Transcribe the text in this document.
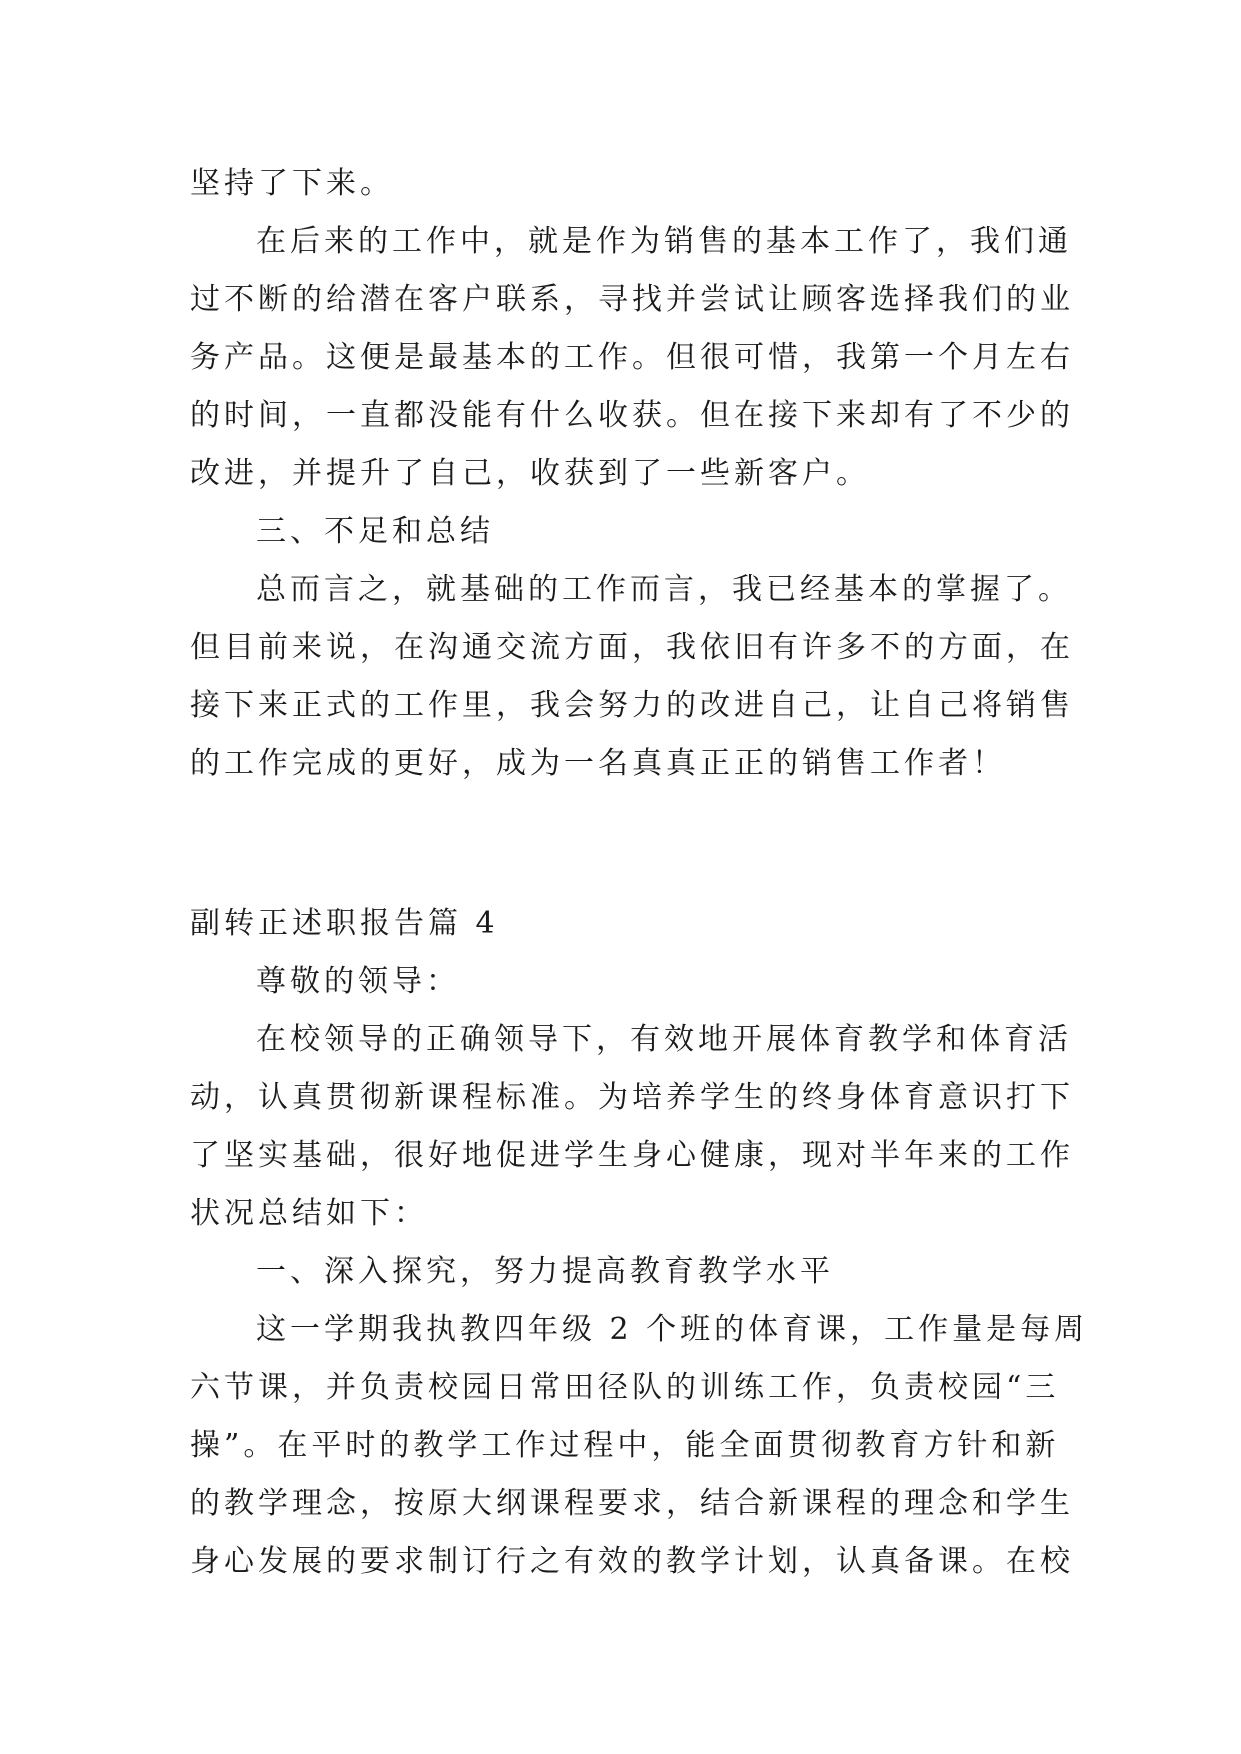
坚持了下来。
在后来的工作中，就是作为销售的基本工作了，我们通
过不断的给潜在客户联系，寻找并尝试让顾客选择我们的业
务产品。这便是最基本的工作。但很可惜，我第一个月左右
的时间，一直都没能有什么收获。但在接下来却有了不少的
改进，并提升了自己，收获到了一些新客户。
三、不足和总结
总而言之，就基础的工作而言，我已经基本的掌握了。
但目前来说，在沟通交流方面，我依旧有许多不的方面，在
接下来正式的工作里，我会努力的改进自己，让自己将销售
的工作完成的更好，成为一名真真正正的销售工作者！
副转正述职报告篇 4
尊敬的领导：
在校领导的正确领导下，有效地开展体育教学和体育活
动，认真贯彻新课程标准。为培养学生的终身体育意识打下
了坚实基础，很好地促进学生身心健康，现对半年来的工作
状况总结如下：
一、深入探究，努力提高教育教学水平
这一学期我执教四年级 2 个班的体育课，工作量是每周
六节课，并负责校园日常田径队的训练工作，负责校园“三
操”。在平时的教学工作过程中，能全面贯彻教育方针和新
的教学理念，按原大纲课程要求，结合新课程的理念和学生
身心发展的要求制订行之有效的教学计划，认真备课。在校
